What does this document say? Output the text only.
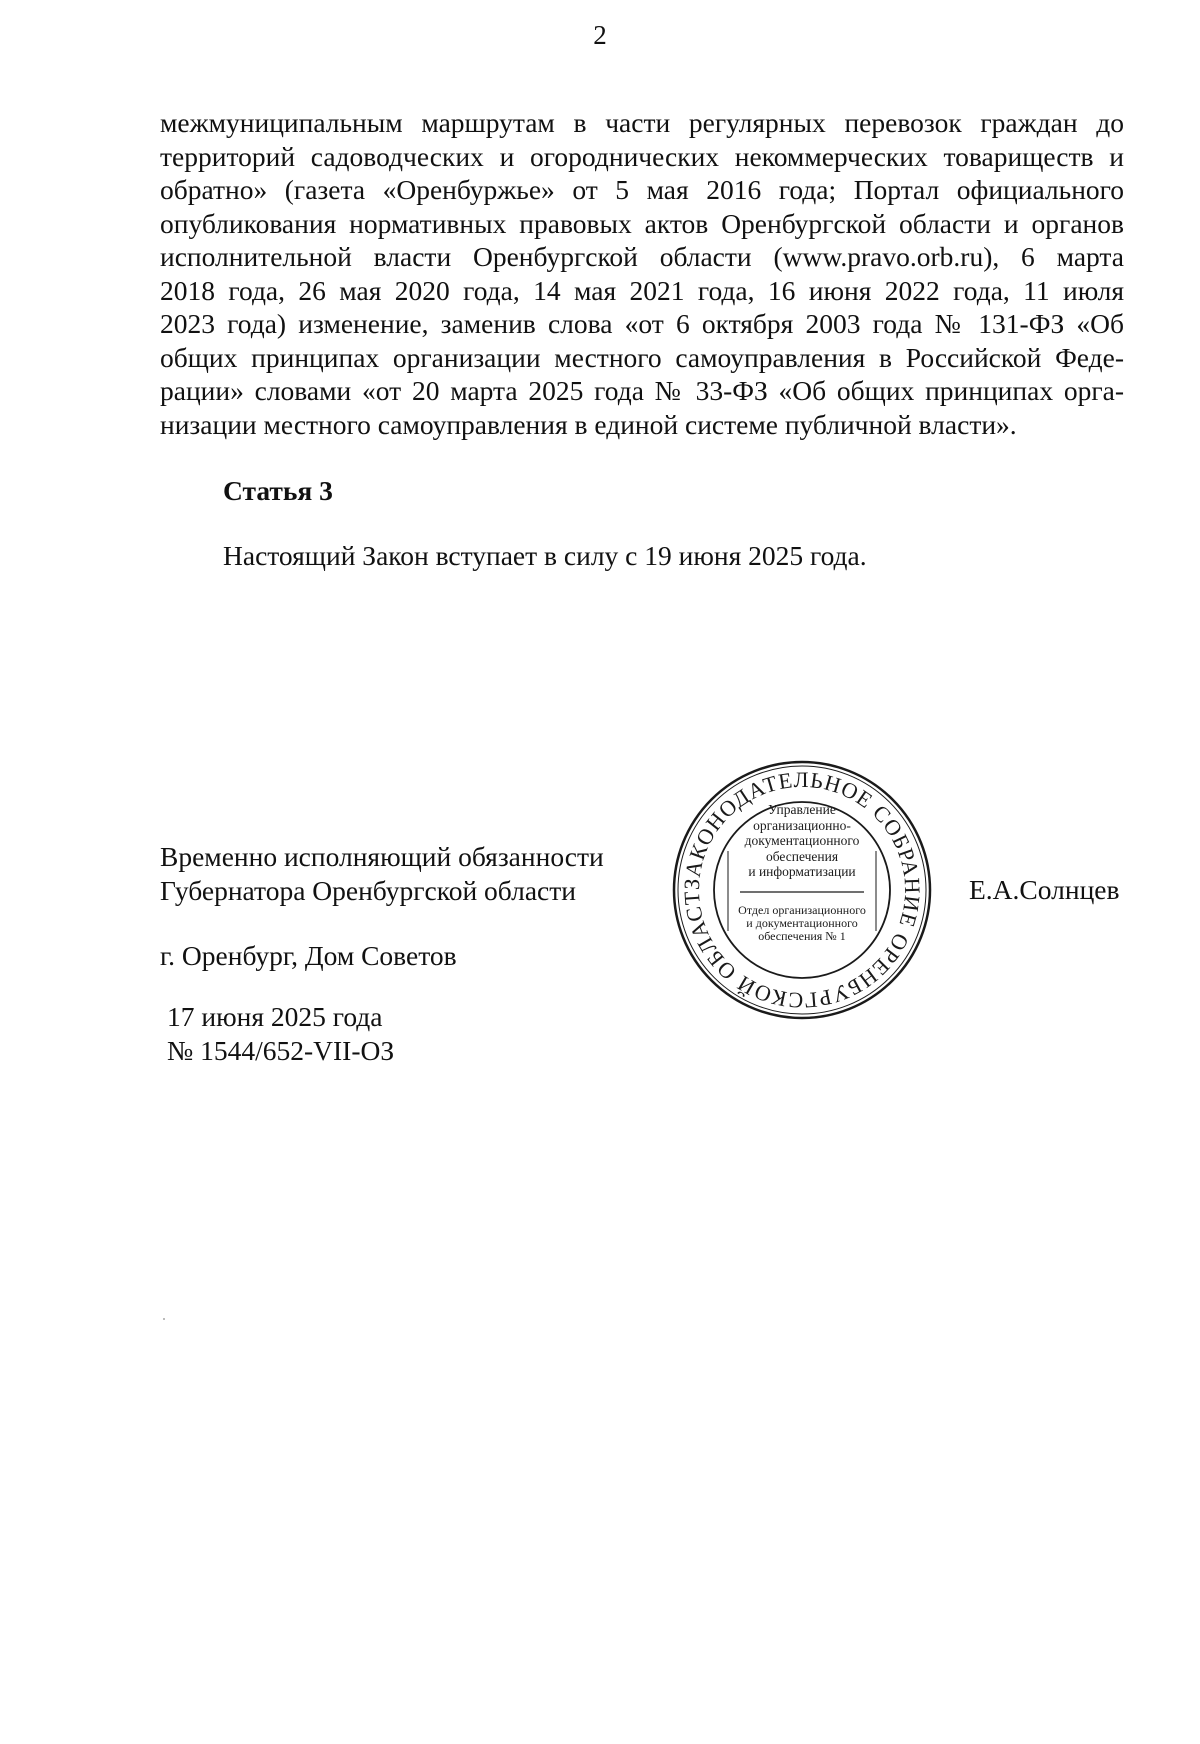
2
межмуниципальным маршрутам в части регулярных перевозок граждан до
территорий садоводческих и огороднических некоммерческих товариществ и
обратно» (газета «Оренбуржье» от 5 мая 2016 года; Портал официального
опубликования нормативных правовых актов Оренбургской области и органов
исполнительной власти Оренбургской области (www.pravo.orb.ru), 6 марта
2018 года, 26 мая 2020 года, 14 мая 2021 года, 16 июня 2022 года, 11 июля
2023 года) изменение, заменив слова «от 6 октября 2003 года № 131-ФЗ «Об
общих принципах организации местного самоуправления в Российской Феде-
рации» словами «от 20 марта 2025 года № 33-ФЗ «Об общих принципах орга-
низации местного самоуправления в единой системе публичной власти».
Статья 3
Настоящий Закон вступает в силу с 19 июня 2025 года.
Временно исполняющий обязанности
Губернатора Оренбургской области	ЗАКОНОДАТЕЛЬНОЕ СОБРАНИЕ ОРЕНБУРГСКОЙ ОБЛАСТ
Управление
организационно-
документационного
обеспечения
и информатизации
Отдел организационного
и документационного
обеспечения № 1
Е.А.Солнцев
г. Оренбург, Дом Советов
17 июня 2025 года
№ 1544/652-VII-ОЗ
